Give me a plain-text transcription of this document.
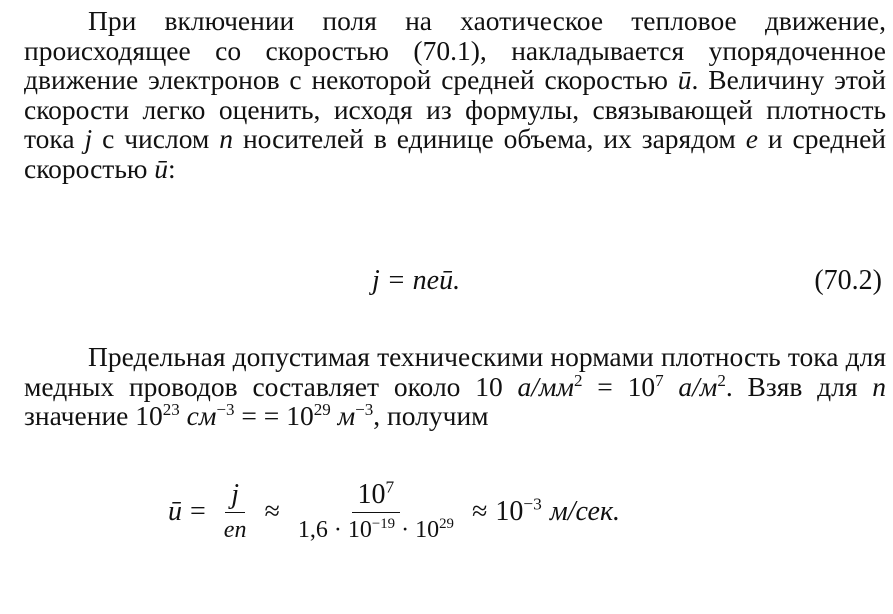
При включении поля на хаотическое тепловое движение, происходящее со скоростью (70.1), накладывается упорядоченное движение электронов с некоторой средней скоростью ū. Величину этой скорости легко оценить, исходя из формулы, связывающей плотность тока j с числом n носителей в единице объема, их зарядом e и средней скоростью ū:
j = neū.	(70.2)
Предельная допустимая техническими нормами плотность тока для медных проводов составляет около 10 $а/мм^2 = 10^7$ $а/м^2$. Взяв для n значение $10^{23}$ $см^{-3}$ = = $10^{29}$ $м^{-3}$, получим
ū = $\frac{j}{en} \approx \frac{10^7}{1,6 \cdot 10^{-19} \cdot 10^{29}} \approx 10^{-3}$ м/сек.
